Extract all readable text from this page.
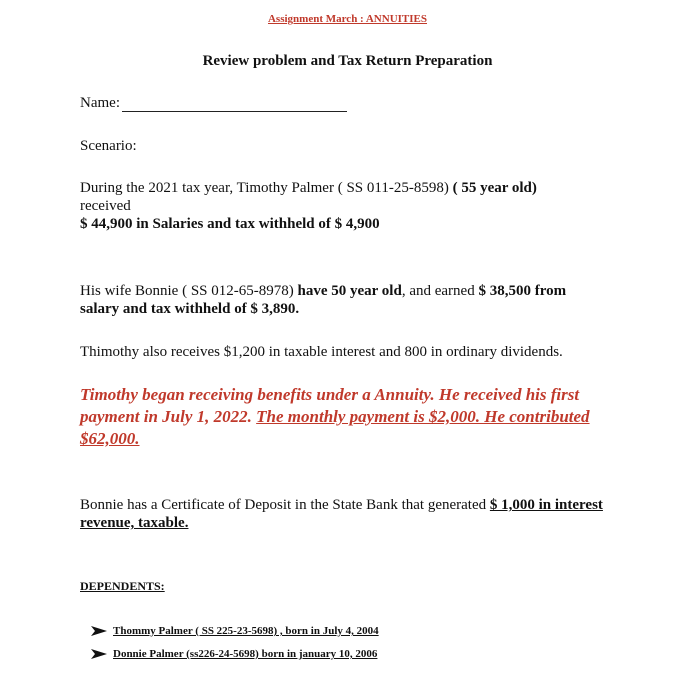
Assignment March : ANNUITIES
Review problem and Tax Return Preparation
Name:
Scenario:
During the 2021 tax year, Timothy Palmer ( SS 011-25-8598) ( 55 year old)
received
$ 44,900 in Salaries and tax withheld of $ 4,900
His wife Bonnie ( SS 012-65-8978) have 50 year old, and earned $ 38,500 from
salary and tax withheld of $ 3,890.
Thimothy also receives $1,200 in taxable interest and 800 in ordinary dividends.
Timothy began receiving benefits under a Annuity. He received his first payment in July 1, 2022. The monthly payment is $2,000. He contributed $62,000.
Bonnie has a Certificate of Deposit in the State Bank that generated $ 1,000 in interest revenue, taxable.
DEPENDENTS:
Thommy Palmer ( SS 225-23-5698) , born in July 4, 2004
Donnie Palmer (ss226-24-5698) born in january 10, 2006
